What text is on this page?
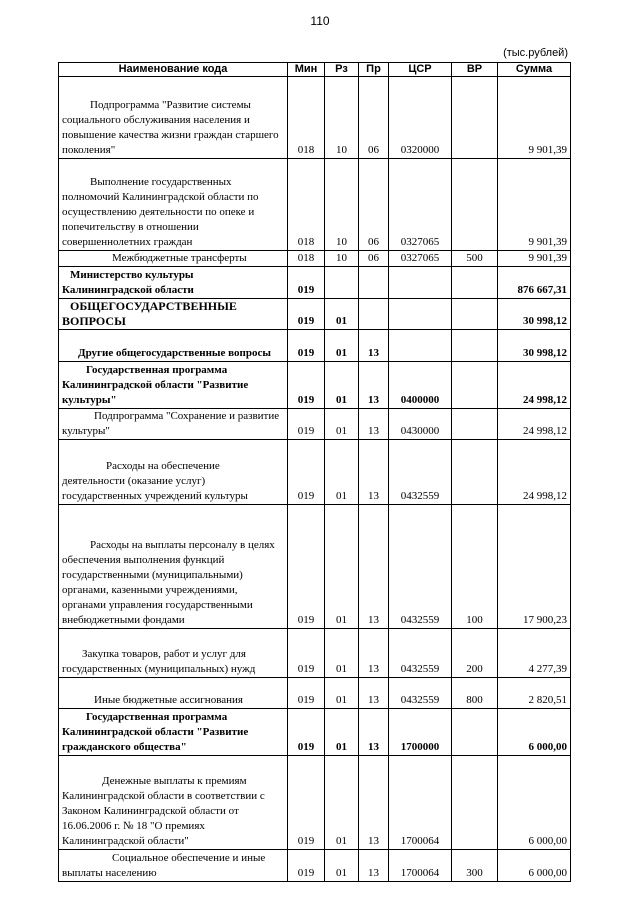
110
(тыс.рублей)
Наименование кода	Мин	Рз	Пр	ЦСР	ВР	Сумма
Подпрограмма "Развитие системы социального обслуживания населения и повышение качества жизни граждан старшего поколения"	018	10	06	0320000		9 901,39
Выполнение государственных полномочий Калининградской области по осуществлению деятельности по опеке и попечительству в отношении совершеннолетних граждан	018	10	06	0327065		9 901,39
Межбюджетные трансферты	018	10	06	0327065	500	9 901,39
Министерство культуры Калининградской области	019					876 667,31
ОБЩЕГОСУДАРСТВЕННЫЕ ВОПРОСЫ	019	01				30 998,12
Другие общегосударственные вопросы	019	01	13			30 998,12
Государственная программа Калининградской области "Развитие культуры"	019	01	13	0400000		24 998,12
Подпрограмма "Сохранение и развитие культуры"	019	01	13	0430000		24 998,12
Расходы на обеспечение деятельности (оказание услуг) государственных учреждений культуры	019	01	13	0432559		24 998,12
Расходы на выплаты персоналу в целях обеспечения выполнения функций государственными (муниципальными) органами, казенными учреждениями, органами управления государственными внебюджетными фондами	019	01	13	0432559	100	17 900,23
Закупка товаров, работ и услуг для государственных (муниципальных) нужд	019	01	13	0432559	200	4 277,39
Иные бюджетные ассигнования	019	01	13	0432559	800	2 820,51
Государственная программа Калининградской области "Развитие гражданского общества"	019	01	13	1700000		6 000,00
Денежные выплаты к премиям Калининградской области в соответствии с Законом Калининградской области от 16.06.2006 г. № 18 "О премиях Калининградской области"	019	01	13	1700064		6 000,00
Социальное обеспечение и иные выплаты населению	019	01	13	1700064	300	6 000,00
